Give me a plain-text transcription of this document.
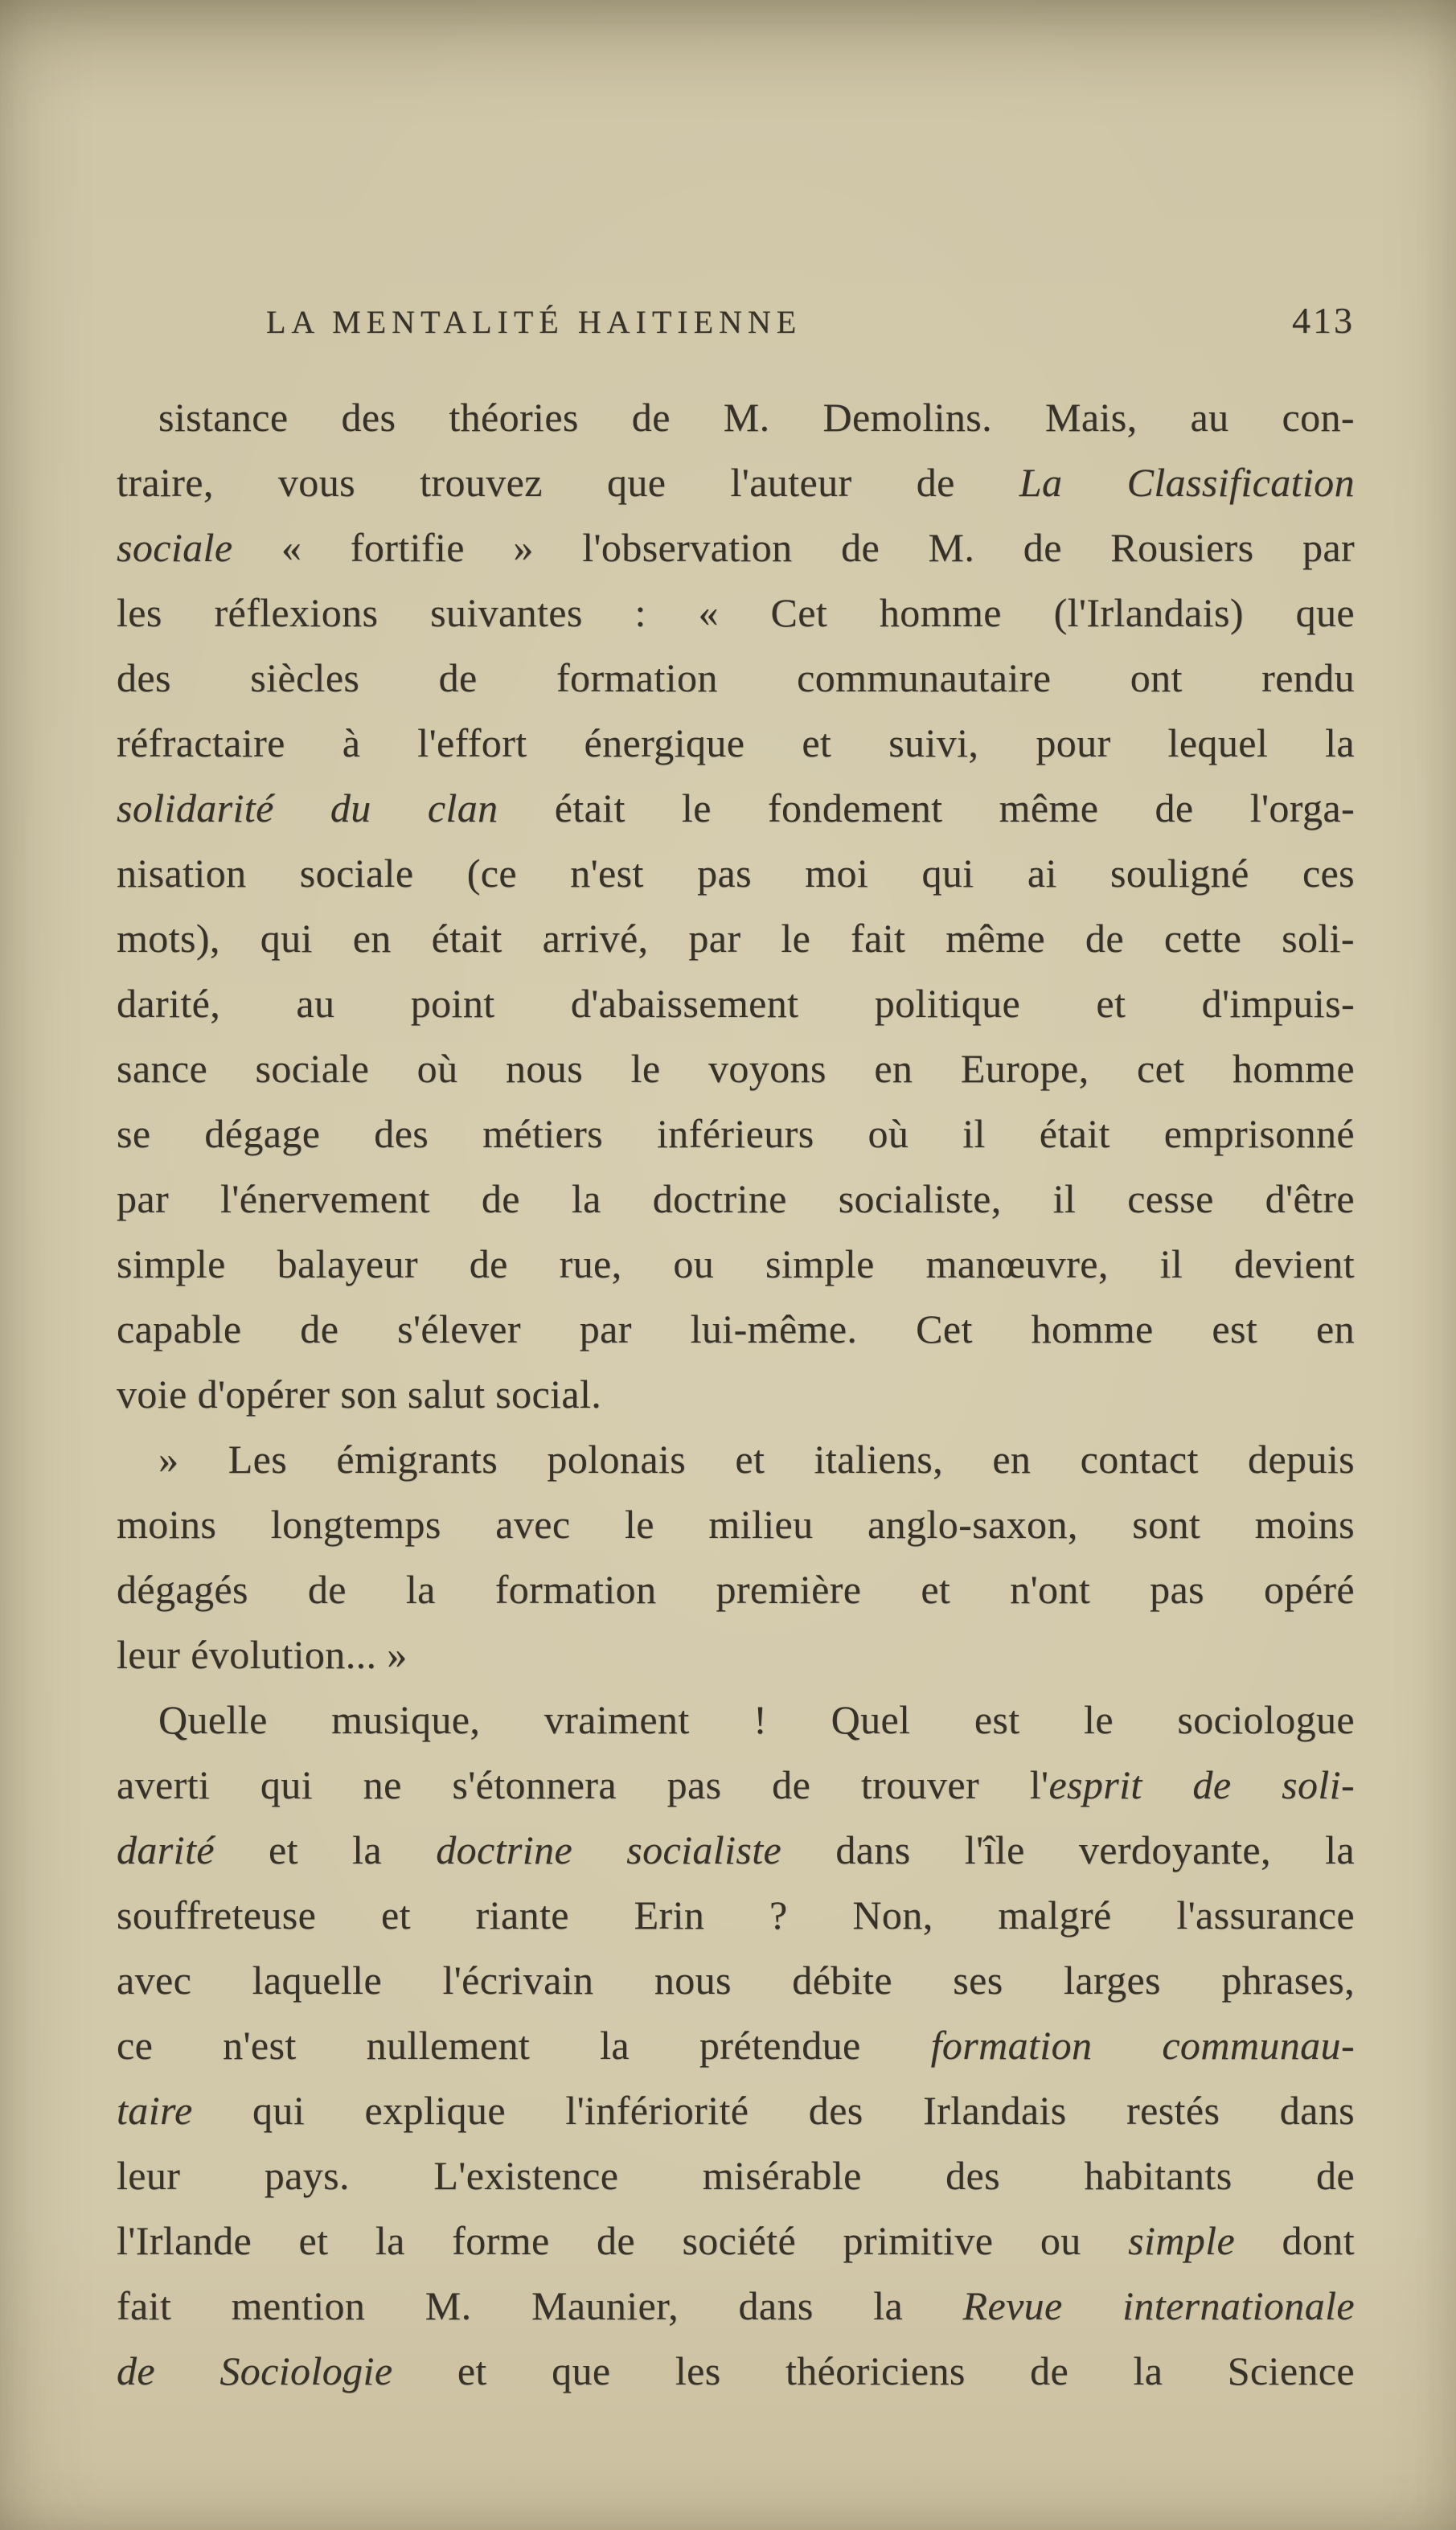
LA MENTALITÉ HAITIENNE	413
sistance des théories de M. Demolins. Mais, au con-
traire, vous trouvez que l'auteur de La Classification
sociale « fortifie » l'observation de M. de Rousiers par
les réflexions suivantes : « Cet homme (l'Irlandais) que
des siècles de formation communautaire ont rendu
réfractaire à l'effort énergique et suivi, pour lequel la
solidarité du clan était le fondement même de l'orga-
nisation sociale (ce n'est pas moi qui ai souligné ces
mots), qui en était arrivé, par le fait même de cette soli-
darité, au point d'abaissement politique et d'impuis-
sance sociale où nous le voyons en Europe, cet homme
se dégage des métiers inférieurs où il était emprisonné
par l'énervement de la doctrine socialiste, il cesse d'être
simple balayeur de rue, ou simple manœuvre, il devient
capable de s'élever par lui-même. Cet homme est en
voie d'opérer son salut social.
» Les émigrants polonais et italiens, en contact depuis
moins longtemps avec le milieu anglo-saxon, sont moins
dégagés de la formation première et n'ont pas opéré
leur évolution... »
Quelle musique, vraiment ! Quel est le sociologue
averti qui ne s'étonnera pas de trouver l'esprit de soli-
darité et la doctrine socialiste dans l'île verdoyante, la
souffreteuse et riante Erin ? Non, malgré l'assurance
avec laquelle l'écrivain nous débite ses larges phrases,
ce n'est nullement la prétendue formation communau-
taire qui explique l'infériorité des Irlandais restés dans
leur pays. L'existence misérable des habitants de
l'Irlande et la forme de société primitive ou simple dont
fait mention M. Maunier, dans la Revue internationale
de Sociologie et que les théoriciens de la Science
